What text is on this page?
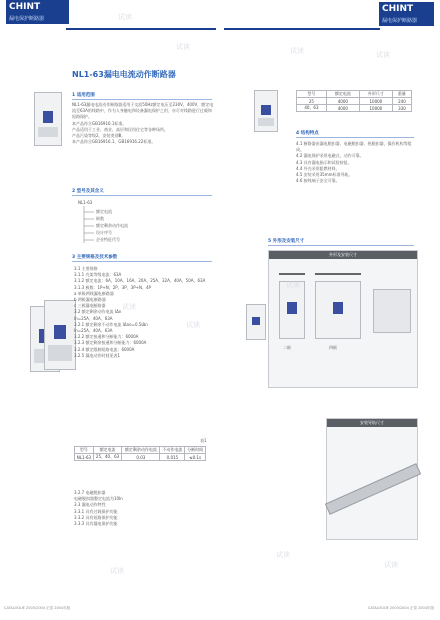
CHINT
漏电保护断路器
CHINT
漏电保护断路器
NL1-63漏电电流动作断路器
1 适用范围
NL1-63漏电电流动作断路器适用于交流50Hz额定电压至230V、400V，额定电流至63A的线路中，作为人身触电和设备漏电保护之用，亦可对线路进行过载和短路保护。
本产品符合GB16916.1标准。
产品适用于工业、商业、高层和民用住宅等各种场所。
产品污染等级2，安装类别Ⅲ。
本产品符合GB16916.1、GB16916.22标准。
2 型号及其含义
NL1-63
额定电流
极数
额定剩余动作电流
设计序号
企业特征代号
3 主要规格及技术参数
3.1 主要规格
3.1.1 壳架等级电流：63A
3.1.2 额定电流：6A、10A、16A、20A、25A、32A、40A、50A、63A
3.1.3 极数：1P+N、2P、3P、3P+N、4P
a 单极两线漏电断路器
b 两极漏电断路器
c 三极漏电断路器
3.2 额定剩余动作电流 IΔn
In=25A、40A、63A
3.2.1 额定剩余不动作电流 IΔno=0.5IΔn
In=25A、40A、63A
3.2.2 额定接通和分断能力：6000A
3.2.3 额定剩余接通和分断能力：6000A
3.2.4 额定限制短路电流：6000A
3.2.5 漏电动作时间见表1
表1
型号	额定电流	额定剩余动作电流	不动作电流	分断时间
NL1-63	25、40、63	0.03	0.015	≤0.1s
3.2.7 电磁脱扣器
电磁脱扣器整定电流为10In
3.3 漏电动作特性
3.3.1 具有过载保护功能
3.3.2 具有短路保护功能
3.3.3 具有漏电保护功能
型号	额定电流	外形尺寸	重量
25	4000	10000	240
40、63	4000	10000	330
4 结构特点
4.1 断路器由漏电脱扣器、电磁脱扣器、热脱扣器、操作机构等组成。
4.2 漏电保护采用电磁式，动作可靠。
4.3 具有漏电指示和试验按钮。
4.4 外壳采用阻燃材料。
4.5 安装采用35mm标准导轨。
4.6 接线端子安全可靠。
5 外形及安装尺寸
外形及安装尺寸
二极	四极
安装导轨尺寸
试读
试读	试读	试读
试读
试读
试读
试读
试读
试读
CATALOGUE 2003/2004 正泰 2004年版	CATALOGUE 2003/2004 正泰 2004年版
